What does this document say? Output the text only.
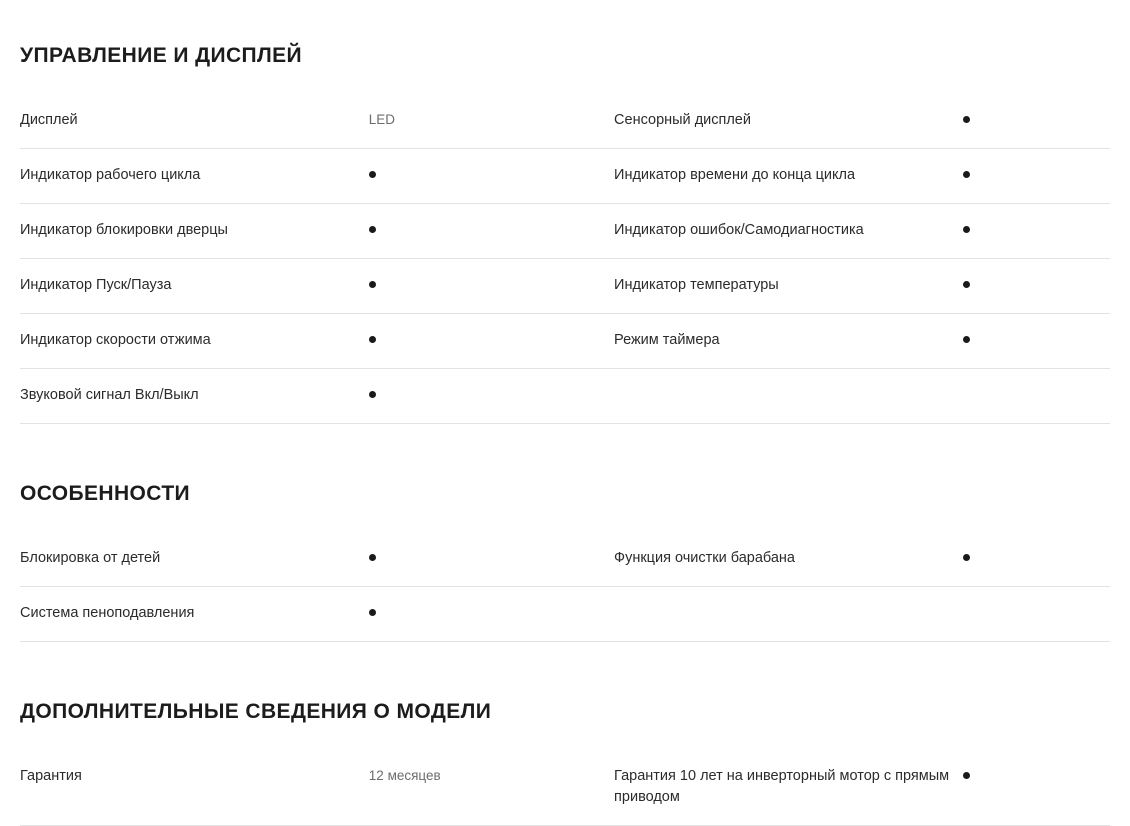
УПРАВЛЕНИЕ И ДИСПЛЕЙ
Дисплей	LED	Сенсорный дисплей	
Индикатор рабочего цикла		Индикатор времени до конца цикла	
Индикатор блокировки дверцы		Индикатор ошибок/Самодиагностика	
Индикатор Пуск/Пауза		Индикатор температуры	
Индикатор скорости отжима		Режим таймера	
Звуковой сигнал Вкл/Выкл			
ОСОБЕННОСТИ
Блокировка от детей		Функция очистки барабана	
Система пеноподавления			
ДОПОЛНИТЕЛЬНЫЕ СВЕДЕНИЯ О МОДЕЛИ
Гарантия	12 месяцев	Гарантия 10 лет на инверторный мотор с прямым приводом	
